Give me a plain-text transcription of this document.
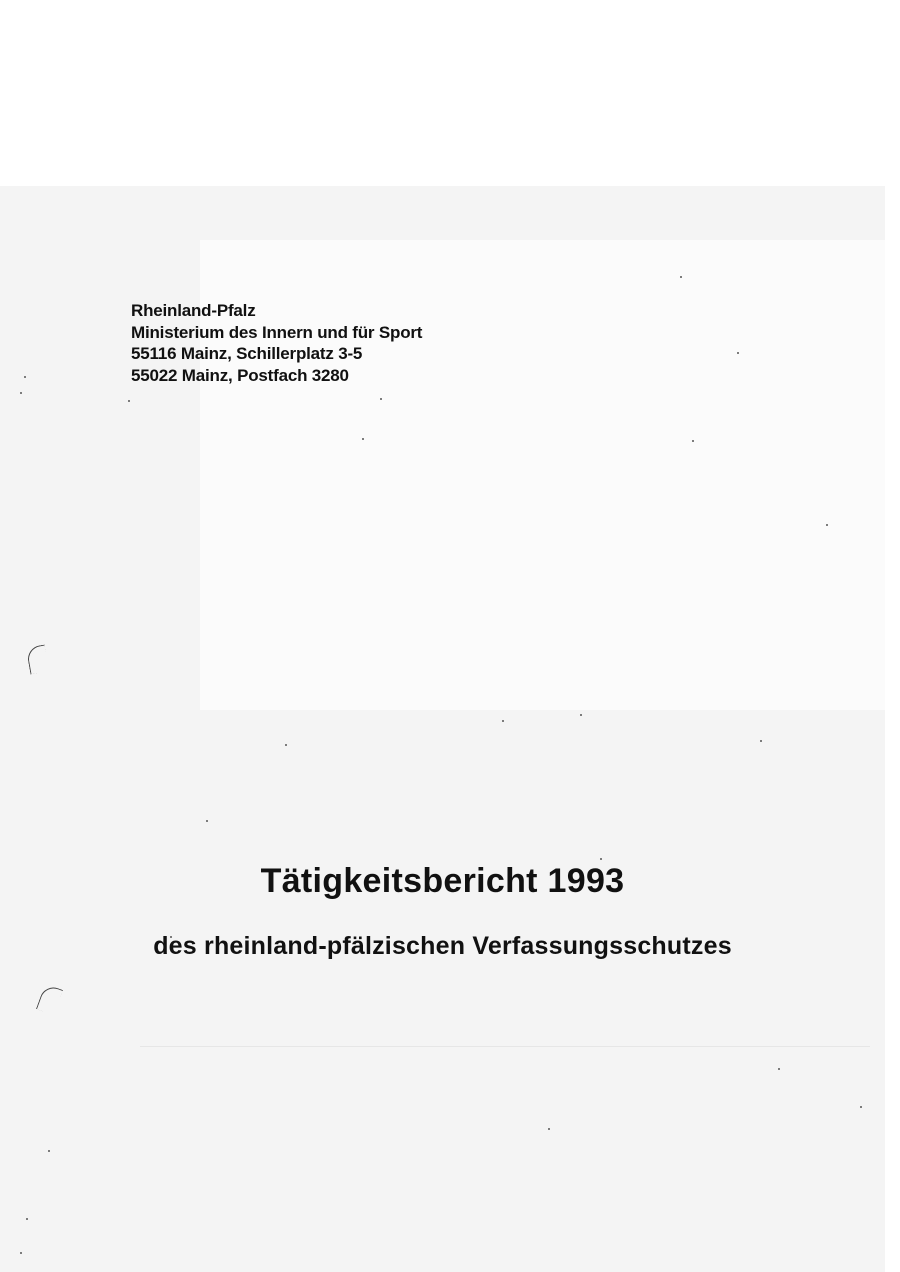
Rheinland-Pfalz
Ministerium des Innern und für Sport
55116 Mainz, Schillerplatz 3-5
55022 Mainz, Postfach 3280
Tätigkeitsbericht 1993
des rheinland-pfälzischen Verfassungsschutzes
